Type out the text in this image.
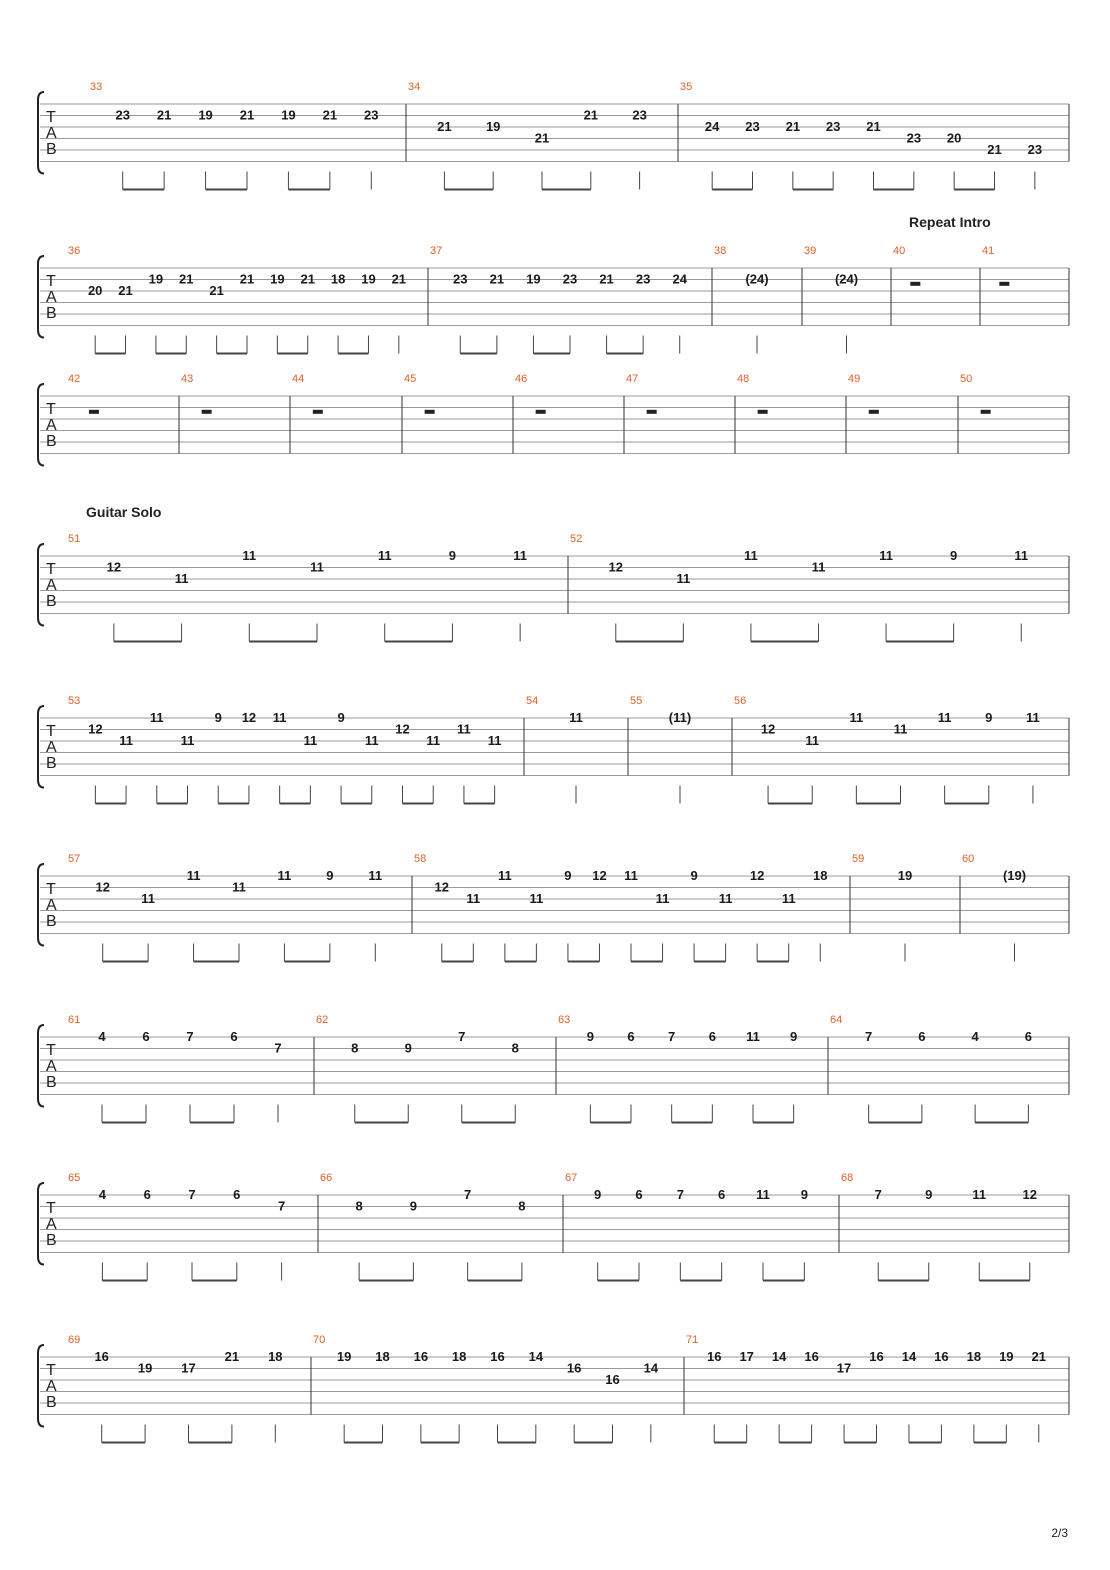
Guitar Solo
Repeat Intro
T
A
B
33
23 21 19 21 19 21 23
34
21	19
21
21	23
35
24 23 21 23 21
23 20
21 23
T
A
B
36
20 21
19 21
21
21 19 21 18 19 21
37
23 21 19 23 21 23 24
38
(24)
39
(24)
40	41
T
A
B
42	43	44	45	46	47	48	49	50
T
A
B
51
12
11
11
11
11	9	11
52
12
11
11
11
11	9	11
T
A
B
53
12
11
11
11
9 12 11
11
9
11
12
11
11
11
54
11
55
(11)
56
12
11
11
11
11	9	11
T
A
B
57
12
11
11
11
11	9	11
58
12
11
11
11
9 12 11
11
9
11
12
11
18
59
19
60
(19)
T
A
B
61
4	6	7	6
7
62
8	9
7
8
63
9	6	7	6 11 9
64
7	6	4	6
T
A
B
65
4	6	7	6
7
66
8	9
7
8
67
9	6	7	6 11 9
68
7	9	11	12
T
A
B
69
16
19 17
21 18
70
19 18 16 18 16 14
16
16
14
71
16 17 14 16
17
16 14 16 18 19 21
2/3
